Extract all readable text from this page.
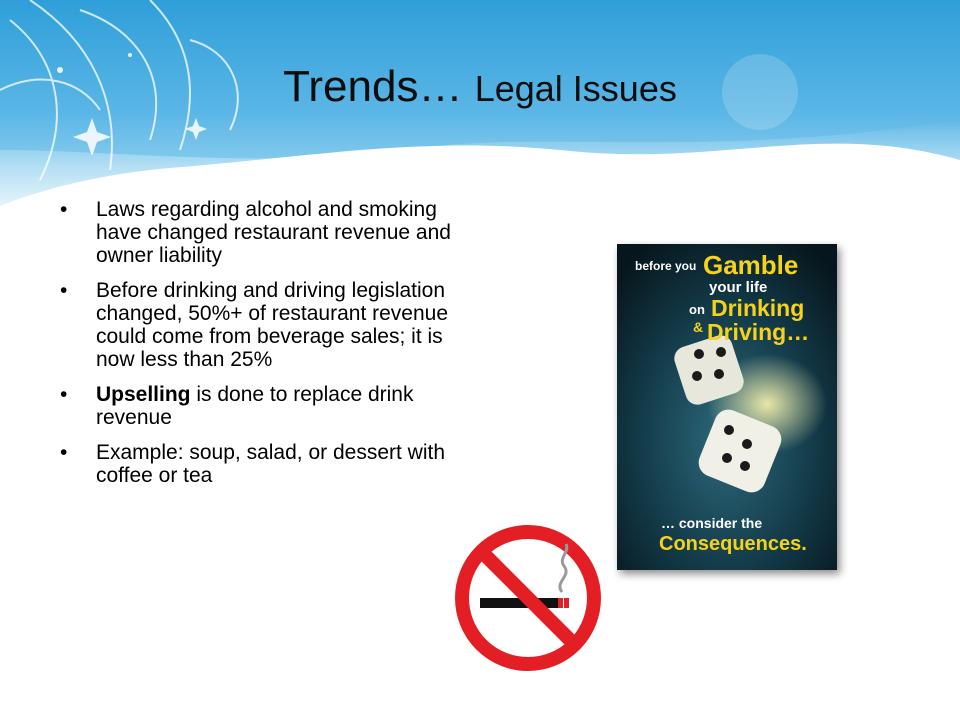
Trends… Legal Issues
• Laws regarding alcohol and smoking have changed restaurant revenue and owner liability
• Before drinking and driving legislation changed, 50%+ of restaurant revenue could come from beverage sales; it is now less than 25%
• Upselling is done to replace drink revenue
• Example: soup, salad, or dessert with coffee or tea
before you Gamble
your life
on Drinking
& Driving…
… consider the
Consequences.
